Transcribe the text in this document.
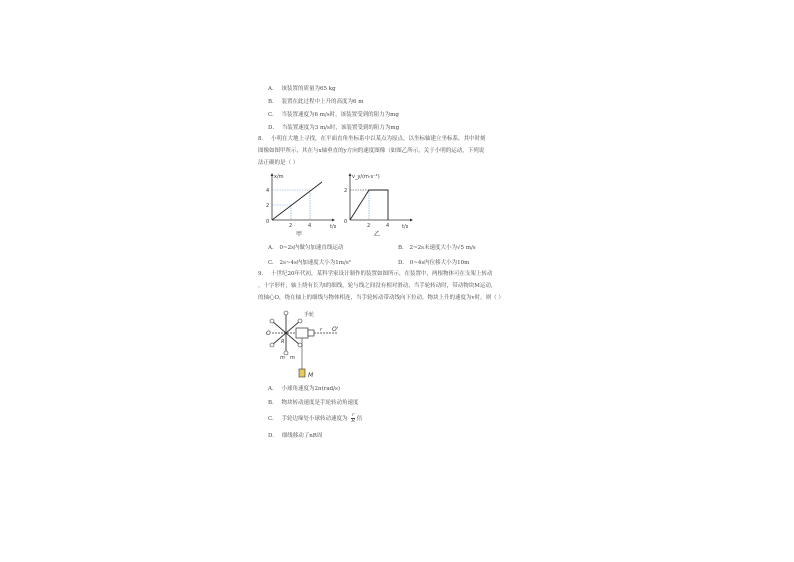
A. 该装置的质量为65 kg
B. 装置在此过程中上升的高度为6 m
C. 当装置速度为6 m/s时，该装置受到的阻力为mg
D. 当装置速度为3 m/s时，该装置受到的阻力为mg
8. 小明在大地上寻找，在平面直角坐标系中以某点为原点，以坐标轴建立坐标系，其中时刻
图像如图甲所示，其在与x轴垂直的y方向的速度图像（如图乙所示，关于小明的运动，下列说
法正确的是（ ）
x/m
t/s
4
2
0
2	4
甲
v_y/(m·s⁻¹)
t/s
2
0
2	4
乙
A. 0~2s内做匀加速直线运动	B. 2~2s末速度大小为√5 m/s
C. 2s~4s内加速度大小为1m/s²	D. 0~4s内位移大小为10m
9. 十世纪20年代初，某科学家设计制作的装置如图所示，在装置中，两根物体可在支架上转动
，十字形杆，轴上绕有长为l的细线，轮与线之间没有相对滑动，当手轮转动时，带动物块M运动，
的轴心O，绕在轴上的细线与物体相连，当手轮转动带动线向下拉动，物块上升的速度为v时，则（ ）
手轮
O
O'
R
r
m m
M
A. 小球角速度为2π(rad/s)
B. 物块转动速度是手轮转动角速度
C. 手轮边缘处小球转动速度为 $\frac{r}{R}$ 倍
D. 细线移动了nR周
